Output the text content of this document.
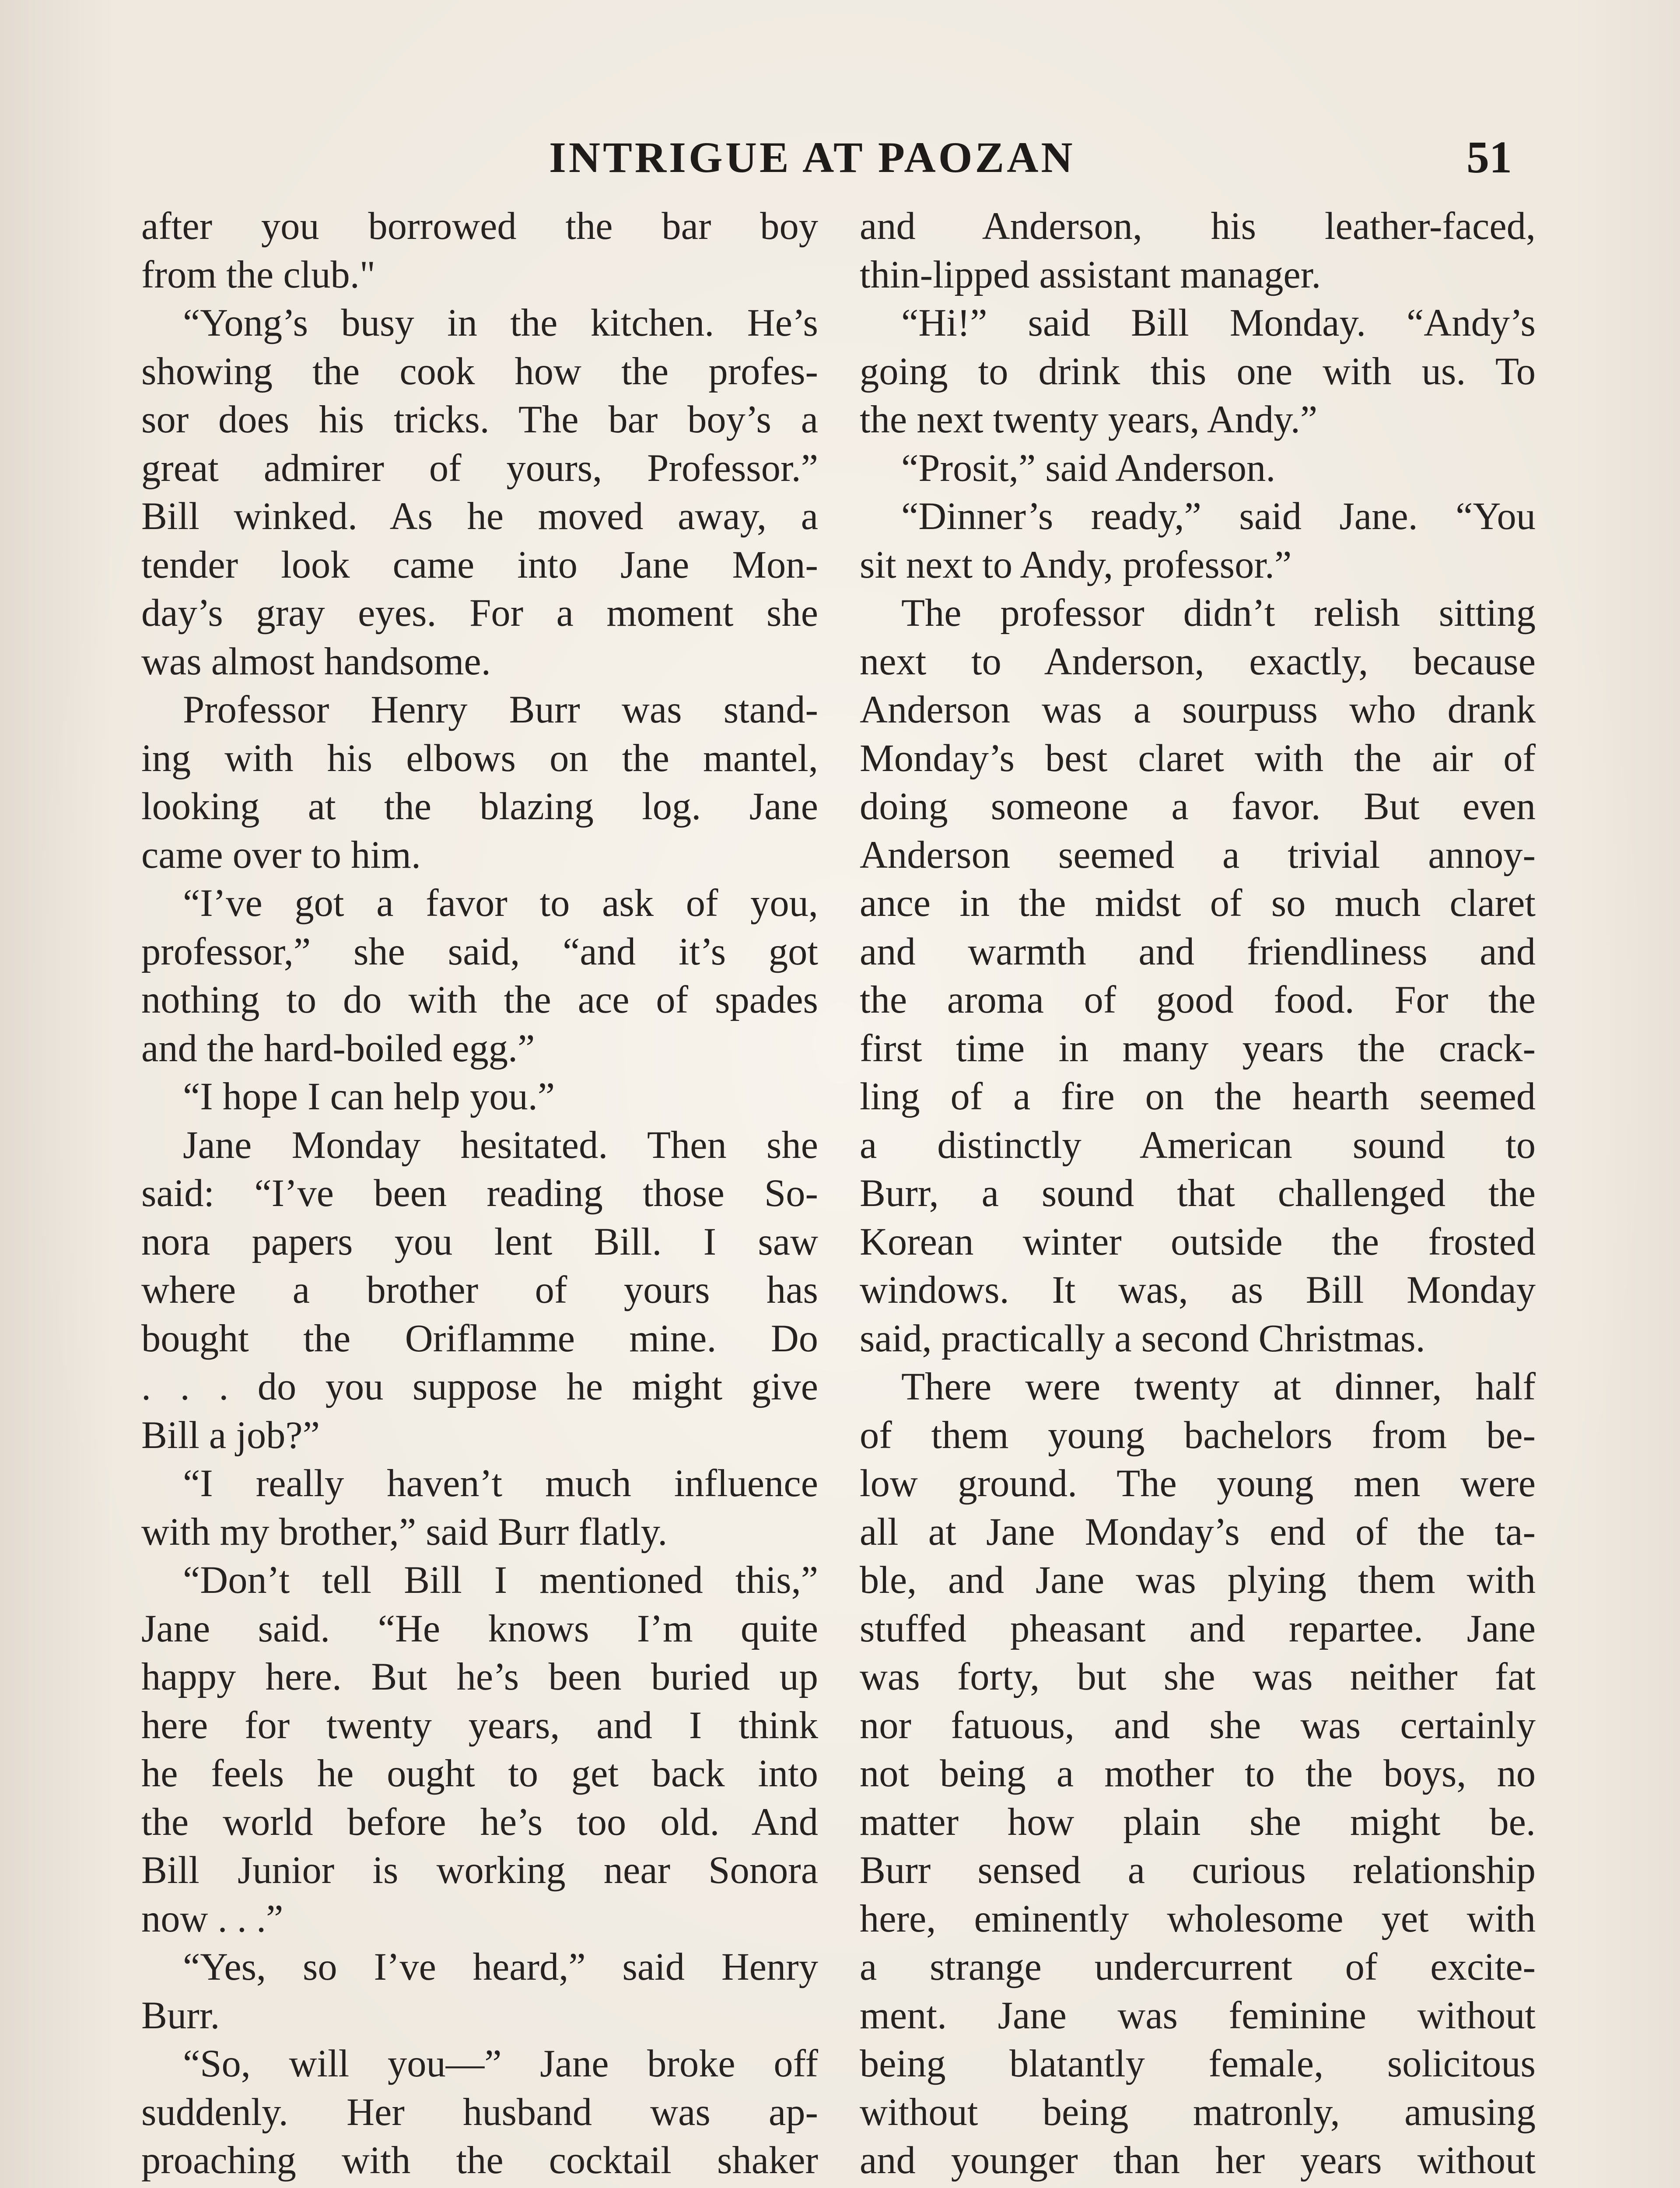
INTRIGUE AT PAOZAN	51
after you borrowed the bar boy
from the club."
“Yong’s busy in the kitchen. He’s
showing the cook how the profes-
sor does his tricks. The bar boy’s a
great admirer of yours, Professor.”
Bill winked. As he moved away, a
tender look came into Jane Mon-
day’s gray eyes. For a moment she
was almost handsome.
Professor Henry Burr was stand-
ing with his elbows on the mantel,
looking at the blazing log. Jane
came over to him.
“I’ve got a favor to ask of you,
professor,” she said, “and it’s got
nothing to do with the ace of spades
and the hard-boiled egg.”
“I hope I can help you.”
Jane Monday hesitated. Then she
said: “I’ve been reading those So-
nora papers you lent Bill. I saw
where a brother of yours has
bought the Oriflamme mine. Do
. . . do you suppose he might give
Bill a job?”
“I really haven’t much influence
with my brother,” said Burr flatly.
“Don’t tell Bill I mentioned this,”
Jane said. “He knows I’m quite
happy here. But he’s been buried up
here for twenty years, and I think
he feels he ought to get back into
the world before he’s too old. And
Bill Junior is working near Sonora
now . . .”
“Yes, so I’ve heard,” said Henry
Burr.
“So, will you—” Jane broke off
suddenly. Her husband was ap-
proaching with the cocktail shaker
and Anderson, his leather-faced,
thin-lipped assistant manager.
“Hi!” said Bill Monday. “Andy’s
going to drink this one with us. To
the next twenty years, Andy.”
“Prosit,” said Anderson.
“Dinner’s ready,” said Jane. “You
sit next to Andy, professor.”
The professor didn’t relish sitting
next to Anderson, exactly, because
Anderson was a sourpuss who drank
Monday’s best claret with the air of
doing someone a favor. But even
Anderson seemed a trivial annoy-
ance in the midst of so much claret
and warmth and friendliness and
the aroma of good food. For the
first time in many years the crack-
ling of a fire on the hearth seemed
a distinctly American sound to
Burr, a sound that challenged the
Korean winter outside the frosted
windows. It was, as Bill Monday
said, practically a second Christmas.
There were twenty at dinner, half
of them young bachelors from be-
low ground. The young men were
all at Jane Monday’s end of the ta-
ble, and Jane was plying them with
stuffed pheasant and repartee. Jane
was forty, but she was neither fat
nor fatuous, and she was certainly
not being a mother to the boys, no
matter how plain she might be.
Burr sensed a curious relationship
here, eminently wholesome yet with
a strange undercurrent of excite-
ment. Jane was feminine without
being blatantly female, solicitous
without being matronly, amusing
and younger than her years without
